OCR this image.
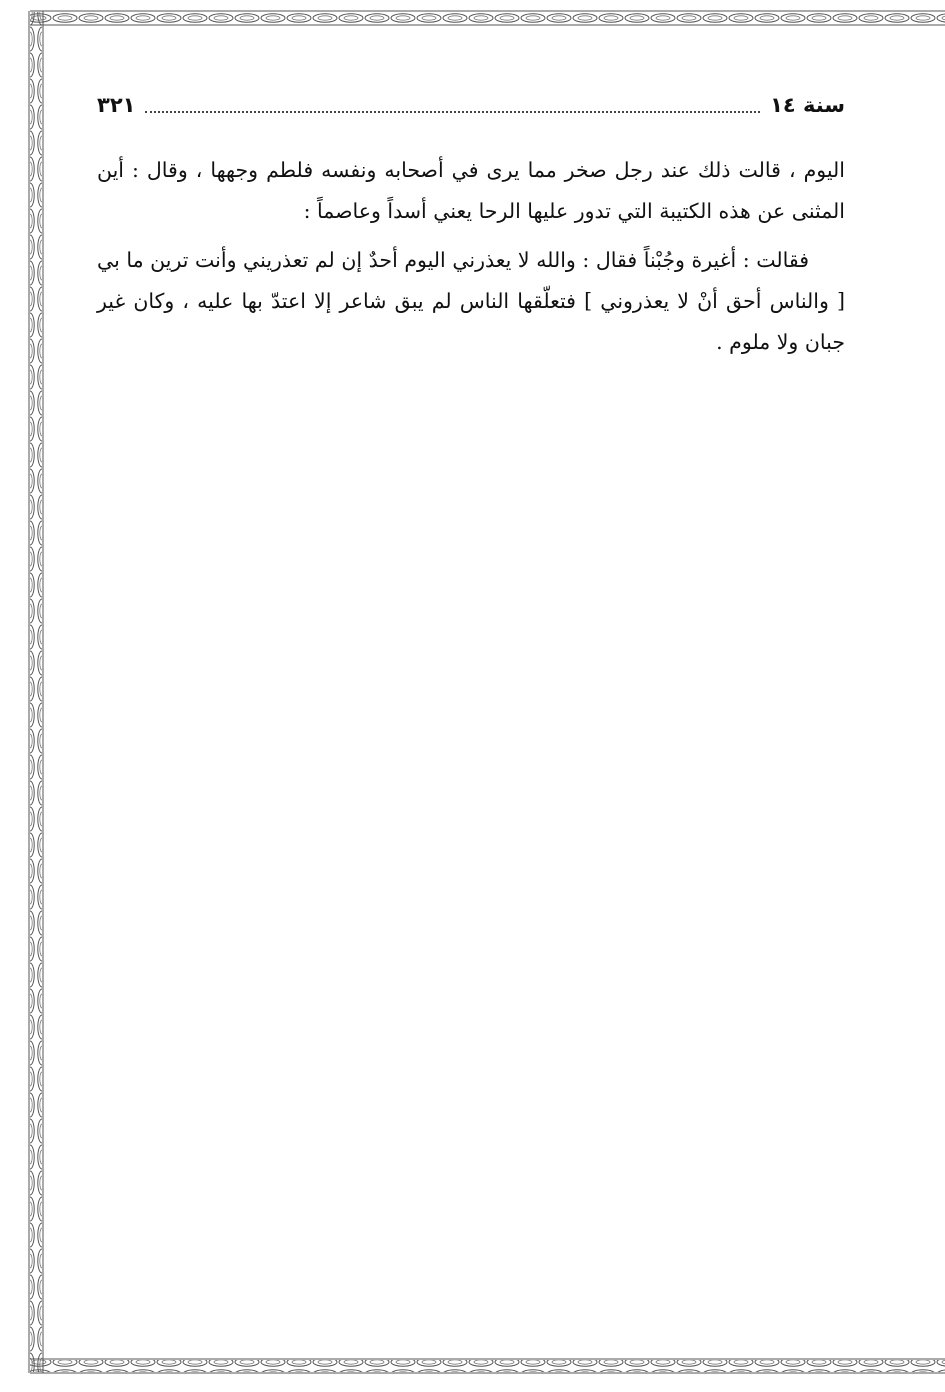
سنة ١٤
٣٢١

اليوم ، قالت ذلك عند رجل صخر مما يرى في أصحابه ونفسه فلطم وجهها ، وقال : أين المثنى عن هذه الكتيبة التي تدور عليها الرحا يعني أسداً وعاصماً :

فقالت : أغيرة وجُبْناً فقال : والله لا يعذرني اليوم أحدٌ إن لم تعذريني وأنت ترين ما بي [ والناس أحق أنْ لا يعذروني ] فتعلّقها الناس لم يبق شاعر إلا اعتدّ بها عليه ، وكان غير جبان ولا ملوم .
